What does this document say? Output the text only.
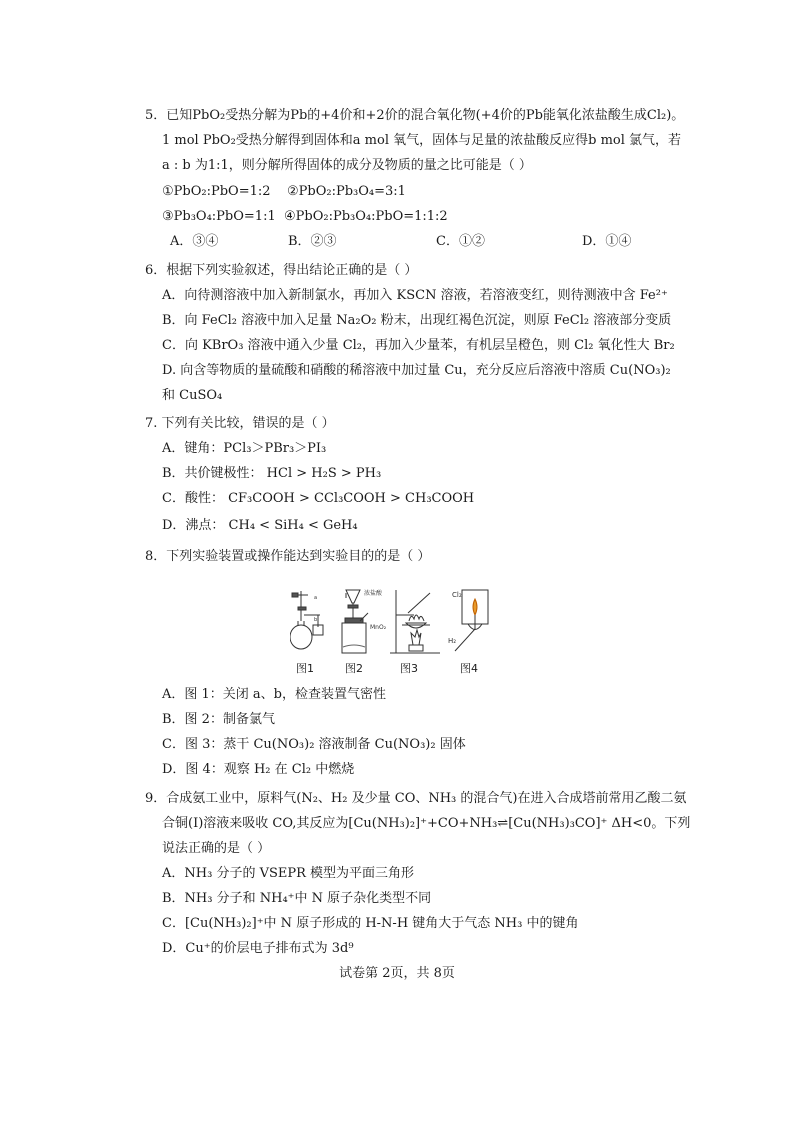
5．已知PbO₂受热分解为Pb的+4价和+2价的混合氧化物(+4价的Pb能氧化浓盐酸生成Cl₂)。
1 mol PbO₂受热分解得到固体和a mol 氧气，固体与足量的浓盐酸反应得b mol 氯气，若
a : b 为1:1，则分解所得固体的成分及物质的量之比可能是（ ）
①PbO₂:PbO=1:2 ②PbO₂:Pb₃O₄=3:1
③Pb₃O₄:PbO=1:1 ④PbO₂:Pb₃O₄:PbO=1:1:2
A．③④	B．②③	C．①②	D．①④
6．根据下列实验叙述，得出结论正确的是（ ）
A．向待测溶液中加入新制氯水，再加入 KSCN 溶液，若溶液变红，则待测液中含 Fe²⁺
B．向 FeCl₂ 溶液中加入足量 Na₂O₂ 粉末，出现红褐色沉淀，则原 FeCl₂ 溶液部分变质
C．向 KBrO₃ 溶液中通入少量 Cl₂，再加入少量苯，有机层呈橙色，则 Cl₂ 氧化性大 Br₂
D. 向含等物质的量硫酸和硝酸的稀溶液中加过量 Cu，充分反应后溶液中溶质 Cu(NO₃)₂
和 CuSO₄
7. 下列有关比较，错误的是（ ）
A．键角：PCl₃＞PBr₃＞PI₃
B．共价键极性： HCl > H₂S > PH₃
C．酸性： CF₃COOH > CCl₃COOH > CH₃COOH
D．沸点： CH₄ < SiH₄ < GeH₄
8．下列实验装置或操作能达到实验目的的是（ ）
a
b
浓盐酸
MnO₂
Cl₂
H₂
图1	图2	图3	图4
A．图 1：关闭 a、b，检查装置气密性
B．图 2：制备氯气
C．图 3：蒸干 Cu(NO₃)₂ 溶液制备 Cu(NO₃)₂ 固体
D．图 4：观察 H₂ 在 Cl₂ 中燃烧
9．合成氨工业中，原料气(N₂、H₂ 及少量 CO、NH₃ 的混合气)在进入合成塔前常用乙酸二氨
合铜(I)溶液来吸收 CO,其反应为[Cu(NH₃)₂]⁺+CO+NH₃⇌[Cu(NH₃)₃CO]⁺ ΔH<0。下列
说法正确的是（ ）
A．NH₃ 分子的 VSEPR 模型为平面三角形
B．NH₃ 分子和 NH₄⁺中 N 原子杂化类型不同
C．[Cu(NH₃)₂]⁺中 N 原子形成的 H-N-H 键角大于气态 NH₃ 中的键角
D．Cu⁺的价层电子排布式为 3d⁹
试卷第 2页，共 8页
